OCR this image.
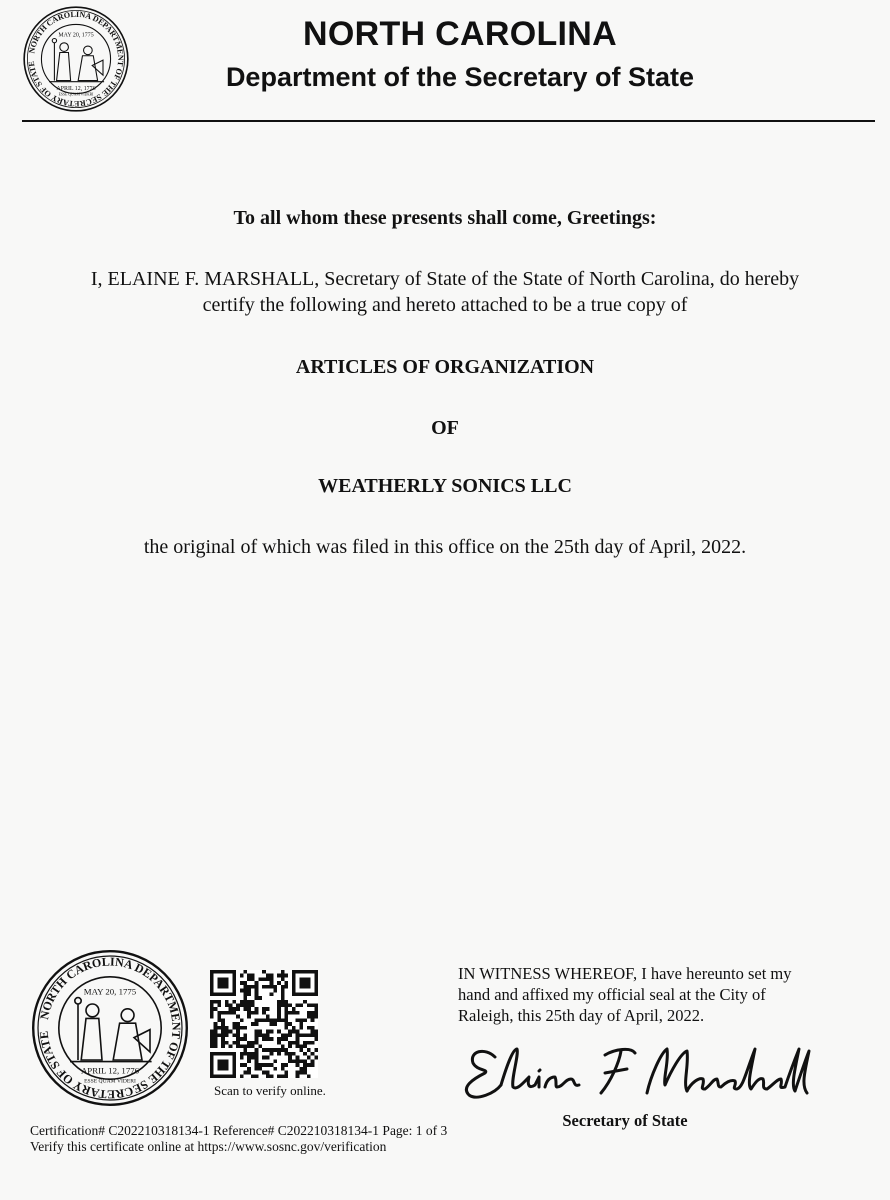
NORTH CAROLINA DEPARTMENT OF THE SECRETARY OF STATE
MAY 20, 1775
APRIL 12, 1776
ESSE QUAM VIDERI
NORTH CAROLINA
Department of the Secretary of State
To all whom these presents shall come, Greetings:
I, ELAINE F. MARSHALL, Secretary of State of the State of North Carolina, do hereby
certify the following and hereto attached to be a true copy of
ARTICLES OF ORGANIZATION
OF
WEATHERLY SONICS LLC
the original of which was filed in this office on the 25th day of April, 2022.
NORTH CAROLINA DEPARTMENT OF THE SECRETARY OF STATE
MAY 20, 1775
APRIL 12, 1776
ESSE QUAM VIDERI
Scan to verify online.
IN WITNESS WHEREOF, I have hereunto set my
hand and affixed my official seal at the City of
Raleigh, this 25th day of April, 2022.
Secretary of State
Certification# C202210318134-1 Reference# C202210318134-1 Page: 1 of 3
Verify this certificate online at https://www.sosnc.gov/verification
